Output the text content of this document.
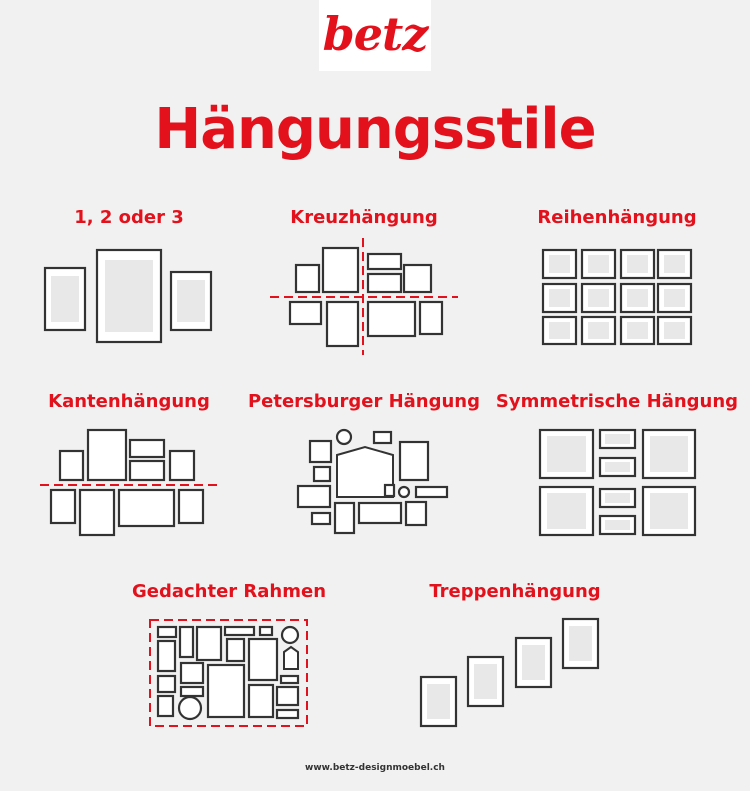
betz
Hängungsstile
1, 2 oder 3	Kreuzhängung	Reihenhängung
Kantenhängung	Petersburger Hängung Symmetrische Hängung
Gedachter Rahmen	Treppenhängung
www.betz-designmoebel.ch
